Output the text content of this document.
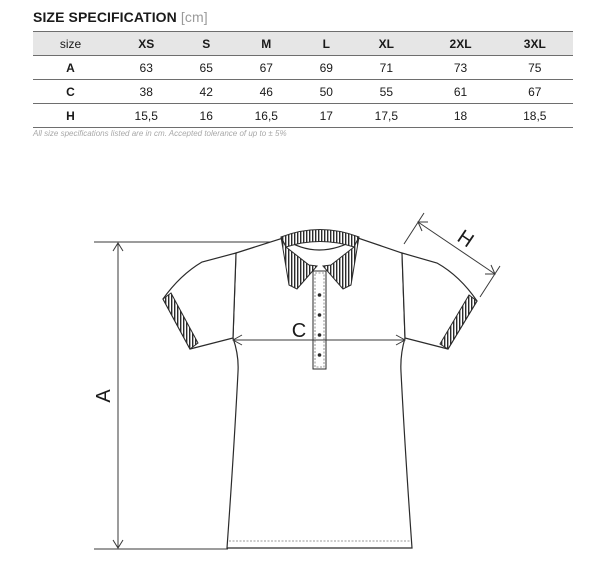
SIZE SPECIFICATION [cm]
size	XS	S	M	L	XL	2XL	3XL
A	63	65	67	69	71	73	75
C	38	42	46	50	55	61	67
H	15,5	16	16,5	17	17,5	18	18,5
All size specifications listed are in cm. Accepted tolerance of up to ± 5%
A
C
H
